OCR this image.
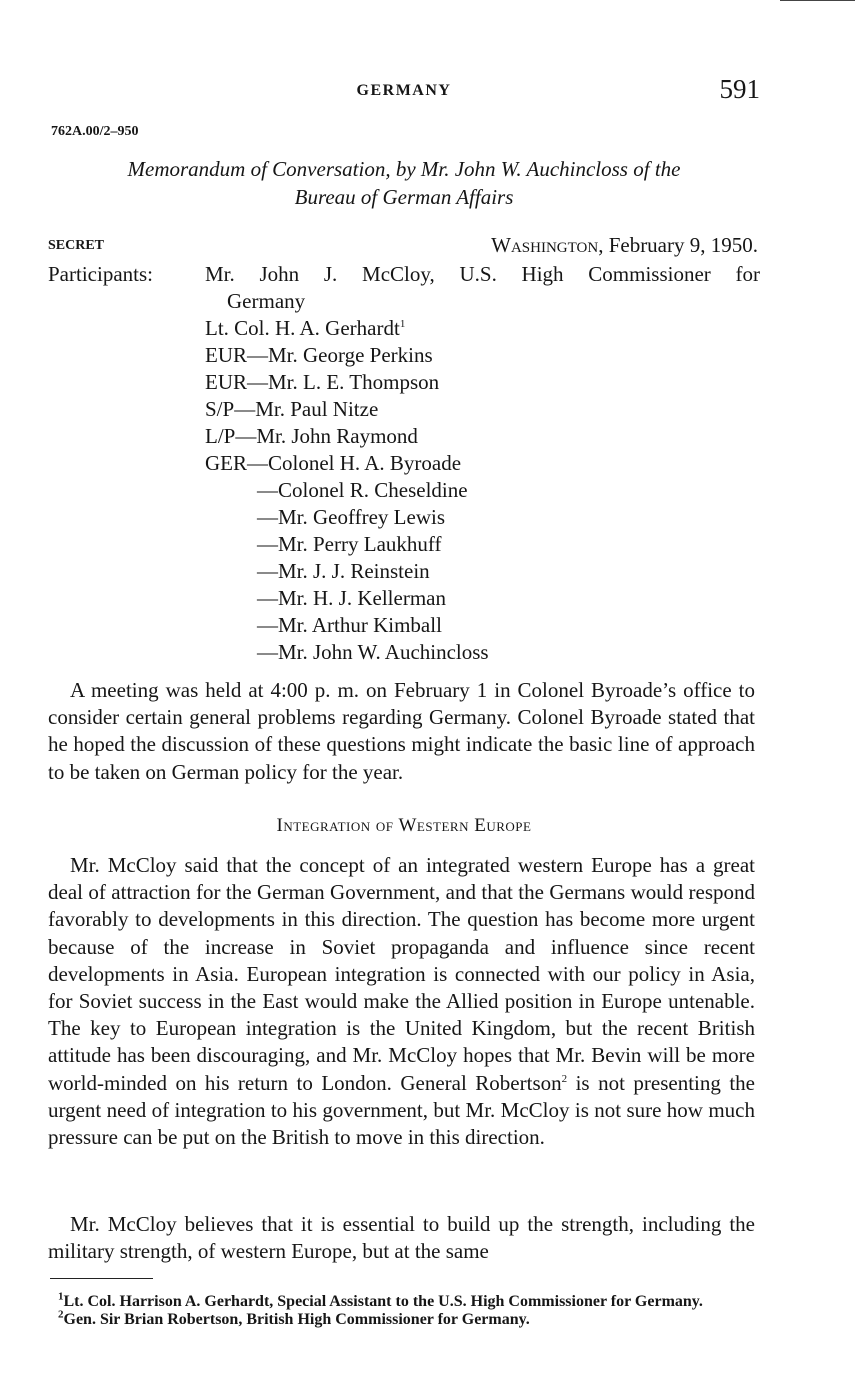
GERMANY	591
762A.00/2–950
Memorandum of Conversation, by Mr. John W. Auchincloss of the
Bureau of German Affairs
SECRET	Washington, February 9, 1950.
Participants: Mr. John J. McCloy, U.S. High Commissioner for
Germany
Lt. Col. H. A. Gerhardt$^1$
EUR—Mr. George Perkins
EUR—Mr. L. E. Thompson
S/P—Mr. Paul Nitze
L/P—Mr. John Raymond
GER—Colonel H. A. Byroade
—Colonel R. Cheseldine
—Mr. Geoffrey Lewis
—Mr. Perry Laukhuff
—Mr. J. J. Reinstein
—Mr. H. J. Kellerman
—Mr. Arthur Kimball
—Mr. John W. Auchincloss

A meeting was held at 4:00 p. m. on February 1 in Colonel Byroade’s office to consider certain general problems regarding Germany. Colonel Byroade stated that he hoped the discussion of these questions might indicate the basic line of approach to be taken on German policy for the year.

Integration of Western Europe

Mr. McCloy said that the concept of an integrated western Europe has a great deal of attraction for the German Government, and that the Germans would respond favorably to developments in this direction. The question has become more urgent because of the increase in Soviet propaganda and influence since recent developments in Asia. European integration is connected with our policy in Asia, for Soviet success in the East would make the Allied position in Europe untenable. The key to European integration is the United Kingdom, but the recent British attitude has been discouraging, and Mr. McCloy hopes that Mr. Bevin will be more world-minded on his return to London. General Robertson$^2$ is not presenting the urgent need of integration to his government, but Mr. McCloy is not sure how much pressure can be put on the British to move in this direction.

Mr. McCloy believes that it is essential to build up the strength, including the military strength, of western Europe, but at the same

$^1$Lt. Col. Harrison A. Gerhardt, Special Assistant to the U.S. High Commissioner for Germany.

$^2$Gen. Sir Brian Robertson, British High Commissioner for Germany.
